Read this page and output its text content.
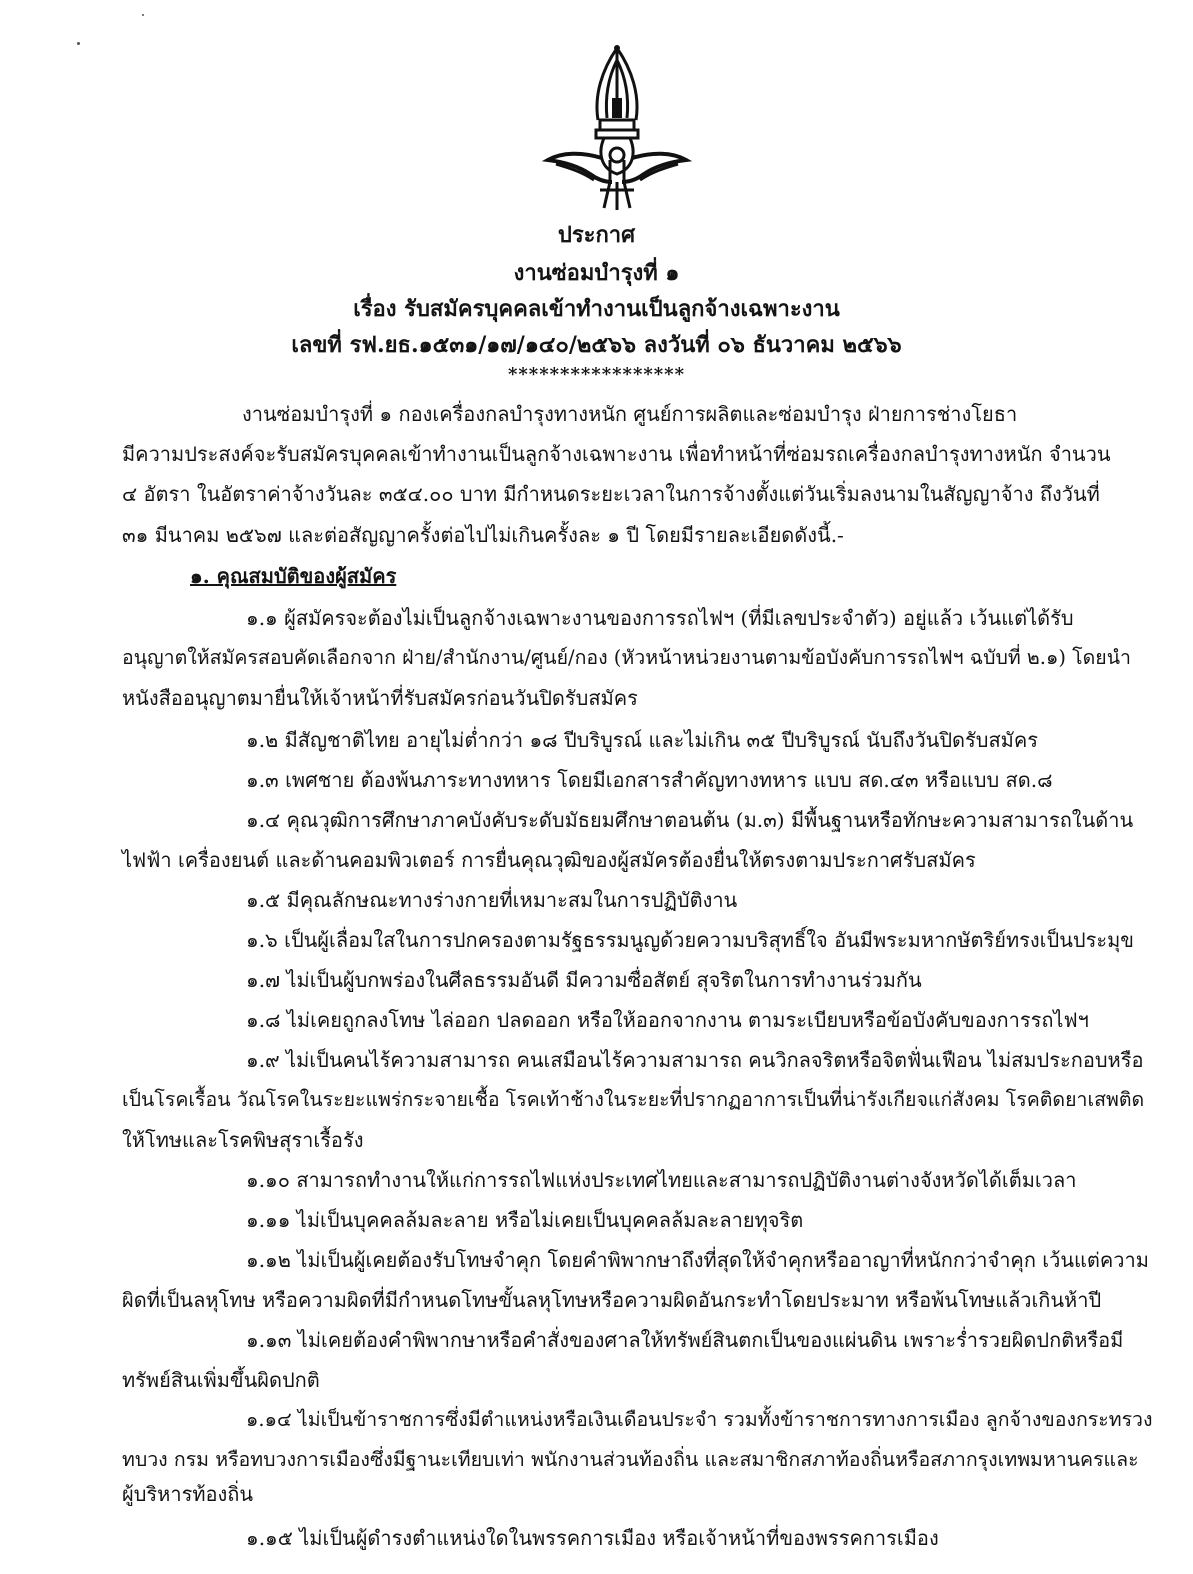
ประกาศ
งานซ่อมบำรุงที่ ๑
เรื่อง รับสมัครบุคคลเข้าทำงานเป็นลูกจ้างเฉพาะงาน
เลขที่ รฟ.ยธ.๑๕๓๑/๑๗/๑๔๐/๒๕๖๖ ลงวันที่ ๐๖ ธันวาคม ๒๕๖๖
*****************
งานซ่อมบำรุงที่ ๑ กองเครื่องกลบำรุงทางหนัก ศูนย์การผลิตและซ่อมบำรุง ฝ่ายการช่างโยธา
มีความประสงค์จะรับสมัครบุคคลเข้าทำงานเป็นลูกจ้างเฉพาะงาน เพื่อทำหน้าที่ซ่อมรถเครื่องกลบำรุงทางหนัก จำนวน
๔ อัตรา ในอัตราค่าจ้างวันละ ๓๕๔.๐๐ บาท มีกำหนดระยะเวลาในการจ้างตั้งแต่วันเริ่มลงนามในสัญญาจ้าง ถึงวันที่
๓๑ มีนาคม ๒๕๖๗ และต่อสัญญาครั้งต่อไปไม่เกินครั้งละ ๑ ปี โดยมีรายละเอียดดังนี้.-
๑. คุณสมบัติของผู้สมัคร
๑.๑ ผู้สมัครจะต้องไม่เป็นลูกจ้างเฉพาะงานของการรถไฟฯ (ที่มีเลขประจำตัว) อยู่แล้ว เว้นแต่ได้รับ
อนุญาตให้สมัครสอบคัดเลือกจาก ฝ่าย/สำนักงาน/ศูนย์/กอง (หัวหน้าหน่วยงานตามข้อบังคับการรถไฟฯ ฉบับที่ ๒.๑) โดยนำ
หนังสืออนุญาตมายื่นให้เจ้าหน้าที่รับสมัครก่อนวันปิดรับสมัคร
๑.๒ มีสัญชาติไทย อายุไม่ต่ำกว่า ๑๘ ปีบริบูรณ์ และไม่เกิน ๓๕ ปีบริบูรณ์ นับถึงวันปิดรับสมัคร
๑.๓ เพศชาย ต้องพ้นภาระทางทหาร โดยมีเอกสารสำคัญทางทหาร แบบ สด.๔๓ หรือแบบ สด.๘
๑.๔ คุณวุฒิการศึกษาภาคบังคับระดับมัธยมศึกษาตอนต้น (ม.๓) มีพื้นฐานหรือทักษะความสามารถในด้าน
ไฟฟ้า เครื่องยนต์ และด้านคอมพิวเตอร์ การยื่นคุณวุฒิของผู้สมัครต้องยื่นให้ตรงตามประกาศรับสมัคร
๑.๕ มีคุณลักษณะทางร่างกายที่เหมาะสมในการปฏิบัติงาน
๑.๖ เป็นผู้เลื่อมใสในการปกครองตามรัฐธรรมนูญด้วยความบริสุทธิ์ใจ อันมีพระมหากษัตริย์ทรงเป็นประมุข
๑.๗ ไม่เป็นผู้บกพร่องในศีลธรรมอันดี มีความซื่อสัตย์ สุจริตในการทำงานร่วมกัน
๑.๘ ไม่เคยถูกลงโทษ ไล่ออก ปลดออก หรือให้ออกจากงาน ตามระเบียบหรือข้อบังคับของการรถไฟฯ
๑.๙ ไม่เป็นคนไร้ความสามารถ คนเสมือนไร้ความสามารถ คนวิกลจริตหรือจิตฟั่นเฟือน ไม่สมประกอบหรือ
เป็นโรคเรื้อน วัณโรคในระยะแพร่กระจายเชื้อ โรคเท้าช้างในระยะที่ปรากฏอาการเป็นที่น่ารังเกียจแก่สังคม โรคติดยาเสพติด
ให้โทษและโรคพิษสุราเรื้อรัง
๑.๑๐ สามารถทำงานให้แก่การรถไฟแห่งประเทศไทยและสามารถปฏิบัติงานต่างจังหวัดได้เต็มเวลา
๑.๑๑ ไม่เป็นบุคคลล้มละลาย หรือไม่เคยเป็นบุคคลล้มละลายทุจริต
๑.๑๒ ไม่เป็นผู้เคยต้องรับโทษจำคุก โดยคำพิพากษาถึงที่สุดให้จำคุกหรืออาญาที่หนักกว่าจำคุก เว้นแต่ความ
ผิดที่เป็นลหุโทษ หรือความผิดที่มีกำหนดโทษขั้นลหุโทษหรือความผิดอันกระทำโดยประมาท หรือพ้นโทษแล้วเกินห้าปี
๑.๑๓ ไม่เคยต้องคำพิพากษาหรือคำสั่งของศาลให้ทรัพย์สินตกเป็นของแผ่นดิน เพราะร่ำรวยผิดปกติหรือมี
ทรัพย์สินเพิ่มขึ้นผิดปกติ
๑.๑๔ ไม่เป็นข้าราชการซึ่งมีตำแหน่งหรือเงินเดือนประจำ รวมทั้งข้าราชการทางการเมือง ลูกจ้างของกระทรวง
ทบวง กรม หรือทบวงการเมืองซึ่งมีฐานะเทียบเท่า พนักงานส่วนท้องถิ่น และสมาชิกสภาท้องถิ่นหรือสภากรุงเทพมหานครและ
ผู้บริหารท้องถิ่น
๑.๑๕ ไม่เป็นผู้ดำรงตำแหน่งใดในพรรคการเมือง หรือเจ้าหน้าที่ของพรรคการเมือง
